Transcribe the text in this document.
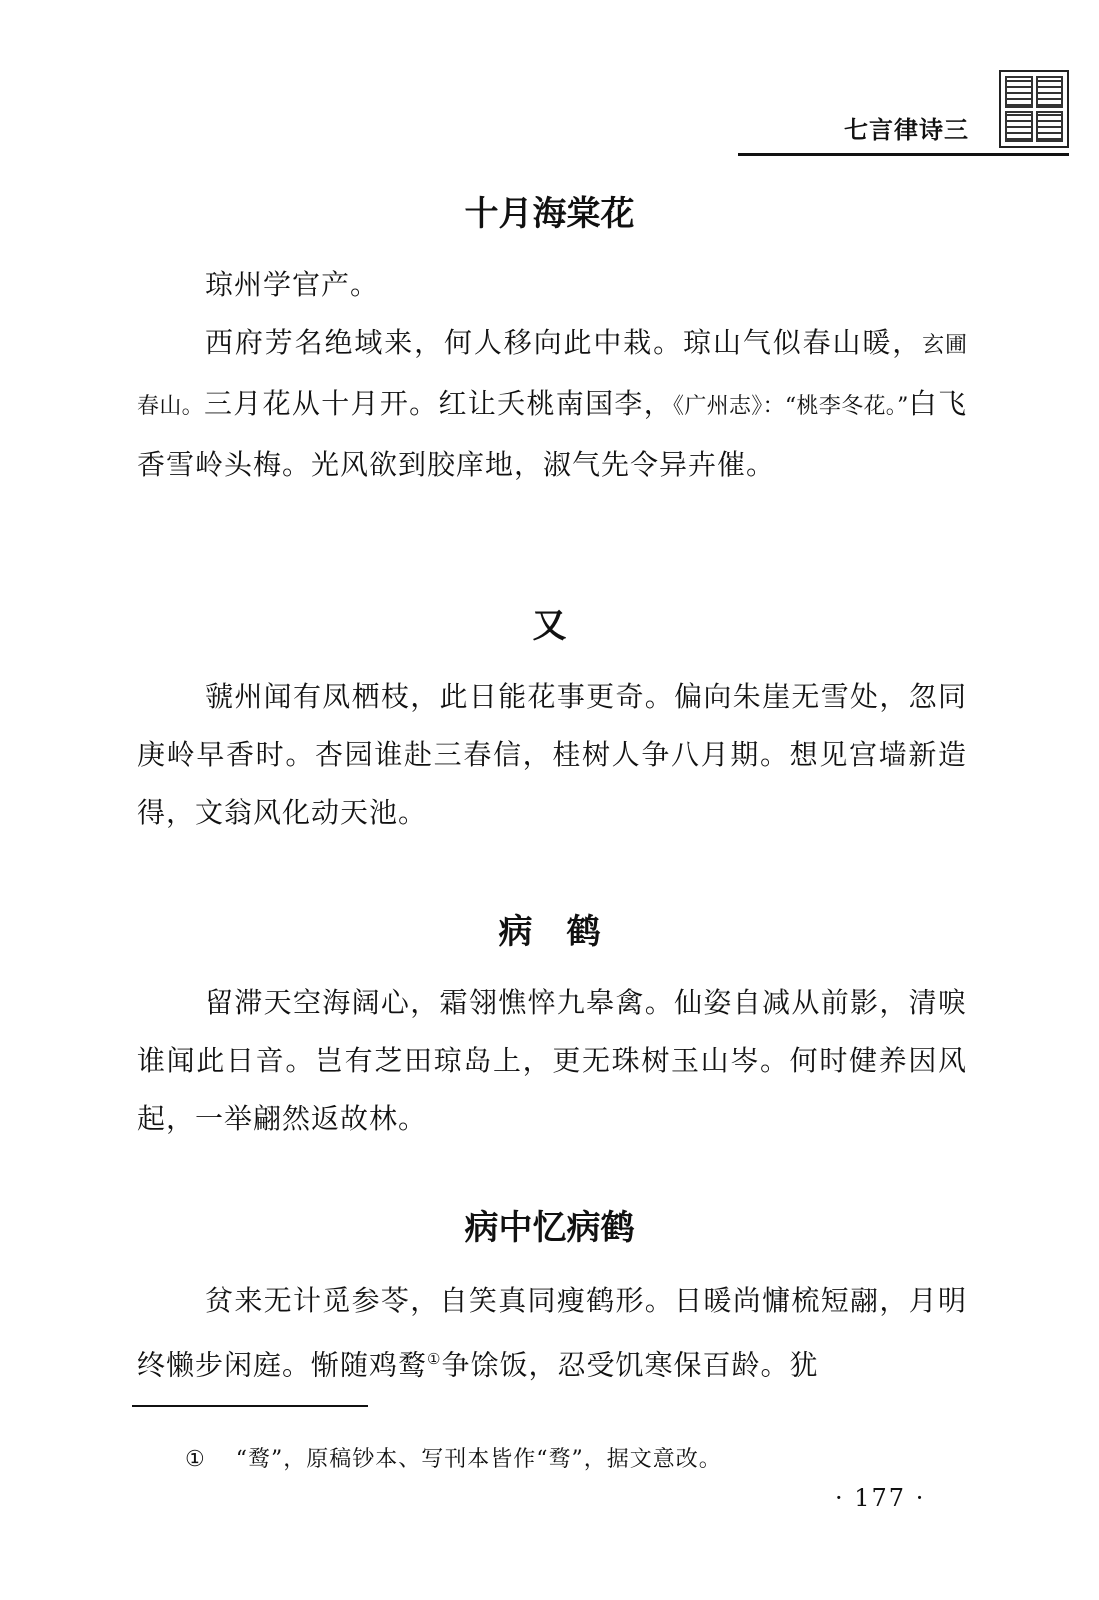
七言律诗三
十月海棠花

琼州学官产。

西府芳名绝域来，何人移向此中栽。琼山气似春山暖，玄圃春山。三月花从十月开。红让夭桃南国李，《广州志》：“桃李冬花。”白飞香雪岭头梅。光风欲到胶庠地，淑气先令异卉催。

又

虢州闻有凤栖枝，此日能花事更奇。偏向朱崖无雪处，忽同庚岭早香时。杏园谁赴三春信，桂树人争八月期。想见宫墙新造得，文翁风化动天池。

病　鹤

留滞天空海阔心，霜翎憔悴九皋禽。仙姿自减从前影，清唳谁闻此日音。岂有芝田琼岛上，更无珠树玉山岑。何时健养因风起，一举翩然返故林。

病中忆病鹤

贫来无计觅参苓，自笑真同瘦鹤形。日暖尚慵梳短翮，月明终懒步闲庭。惭随鸡鹜①争馀饭，忍受饥寒保百龄。犹

① “鹜”，原稿钞本、写刊本皆作“骛”，据文意改。
· 177 ·
